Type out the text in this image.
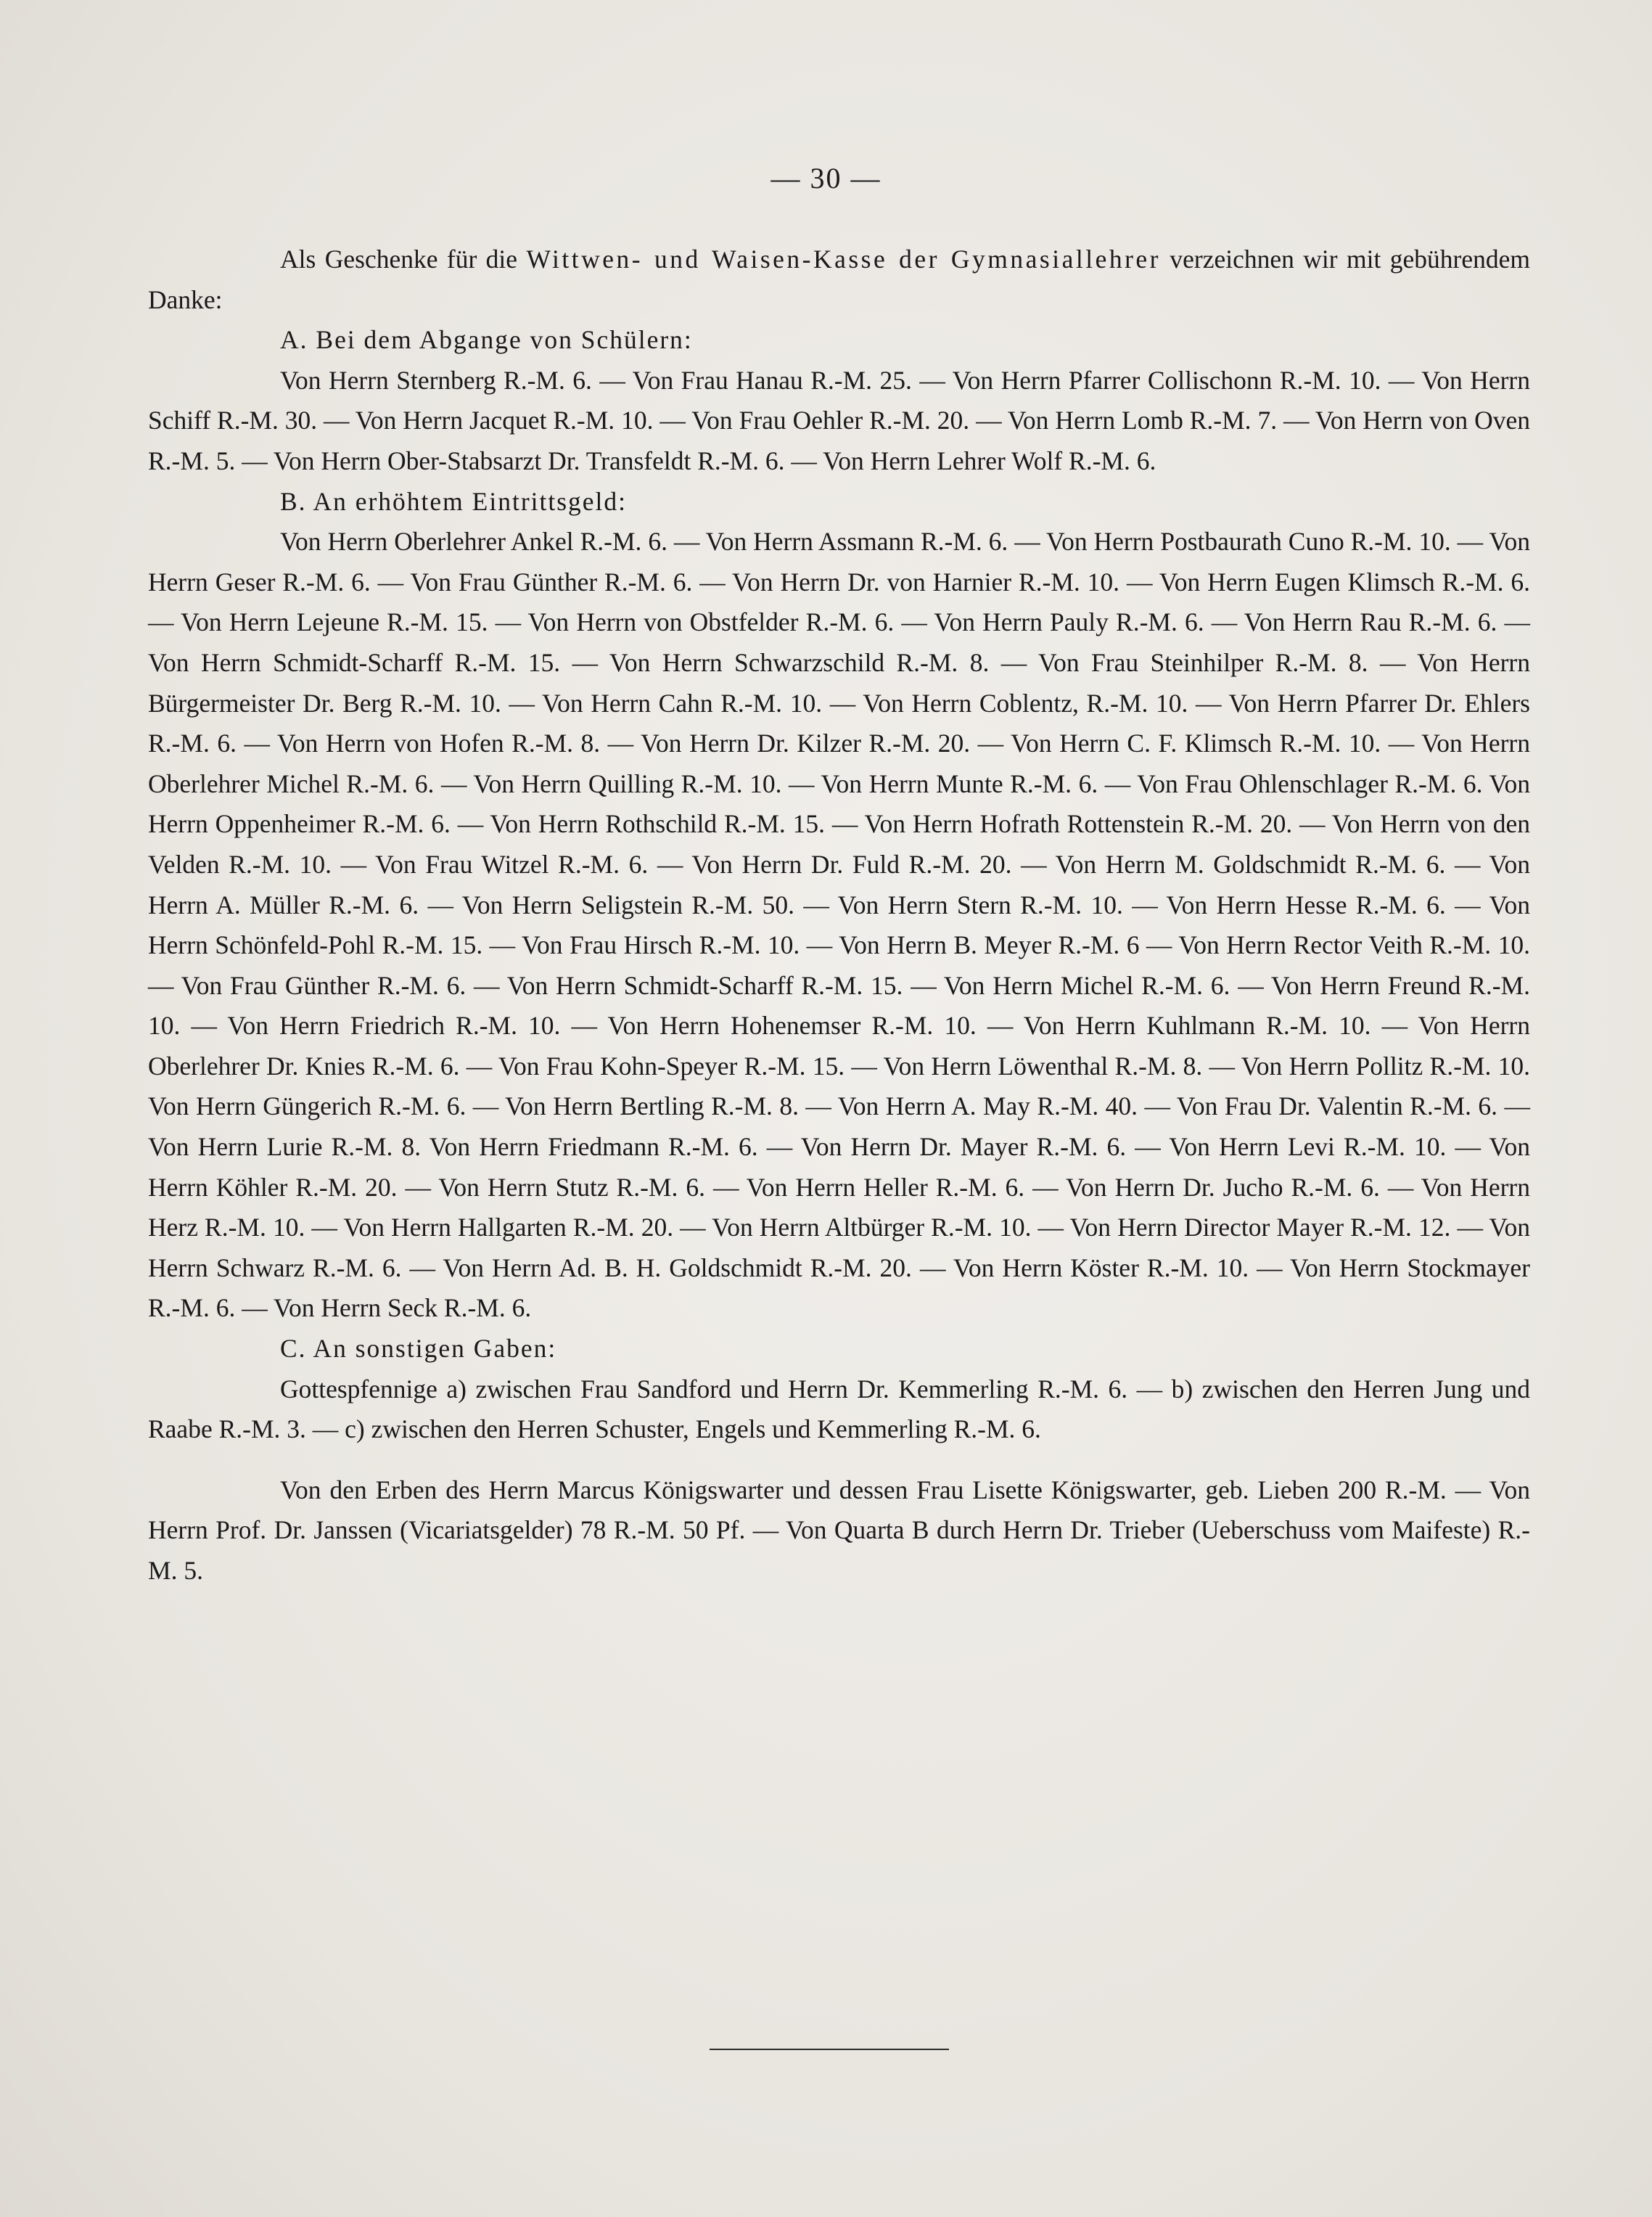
— 30 —

Als Geschenke für die Wittwen- und Waisen-Kasse der Gymnasiallehrer verzeichnen wir mit gebührendem Danke:

A. Bei dem Abgange von Schülern:

Von Herrn Sternberg R.-M. 6. — Von Frau Hanau R.-M. 25. — Von Herrn Pfarrer Collischonn R.-M. 10. — Von Herrn Schiff R.-M. 30. — Von Herrn Jacquet R.-M. 10. — Von Frau Oehler R.-M. 20. — Von Herrn Lomb R.-M. 7. — Von Herrn von Oven R.-M. 5. — Von Herrn Ober-Stabsarzt Dr. Transfeldt R.-M. 6. — Von Herrn Lehrer Wolf R.-M. 6.

B. An erhöhtem Eintrittsgeld:

Von Herrn Oberlehrer Ankel R.-M. 6. — Von Herrn Assmann R.-M. 6. — Von Herrn Postbaurath Cuno R.-M. 10. — Von Herrn Geser R.-M. 6. — Von Frau Günther R.-M. 6. — Von Herrn Dr. von Harnier R.-M. 10. — Von Herrn Eugen Klimsch R.-M. 6. — Von Herrn Lejeune R.-M. 15. — Von Herrn von Obstfelder R.-M. 6. — Von Herrn Pauly R.-M. 6. — Von Herrn Rau R.-M. 6. — Von Herrn Schmidt-Scharff R.-M. 15. — Von Herrn Schwarzschild R.-M. 8. — Von Frau Steinhilper R.-M. 8. — Von Herrn Bürgermeister Dr. Berg R.-M. 10. — Von Herrn Cahn R.-M. 10. — Von Herrn Coblentz, R.-M. 10. — Von Herrn Pfarrer Dr. Ehlers R.-M. 6. — Von Herrn von Hofen R.-M. 8. — Von Herrn Dr. Kilzer R.-M. 20. — Von Herrn C. F. Klimsch R.-M. 10. — Von Herrn Oberlehrer Michel R.-M. 6. — Von Herrn Quilling R.-M. 10. — Von Herrn Munte R.-M. 6. — Von Frau Ohlenschlager R.-M. 6. Von Herrn Oppenheimer R.-M. 6. — Von Herrn Rothschild R.-M. 15. — Von Herrn Hofrath Rottenstein R.-M. 20. — Von Herrn von den Velden R.-M. 10. — Von Frau Witzel R.-M. 6. — Von Herrn Dr. Fuld R.-M. 20. — Von Herrn M. Goldschmidt R.-M. 6. — Von Herrn A. Müller R.-M. 6. — Von Herrn Seligstein R.-M. 50. — Von Herrn Stern R.-M. 10. — Von Herrn Hesse R.-M. 6. — Von Herrn Schönfeld-Pohl R.-M. 15. — Von Frau Hirsch R.-M. 10. — Von Herrn B. Meyer R.-M. 6 — Von Herrn Rector Veith R.-M. 10. — Von Frau Günther R.-M. 6. — Von Herrn Schmidt-Scharff R.-M. 15. — Von Herrn Michel R.-M. 6. — Von Herrn Freund R.-M. 10. — Von Herrn Friedrich R.-M. 10. — Von Herrn Hohenemser R.-M. 10. — Von Herrn Kuhlmann R.-M. 10. — Von Herrn Oberlehrer Dr. Knies R.-M. 6. — Von Frau Kohn-Speyer R.-M. 15. — Von Herrn Löwenthal R.-M. 8. — Von Herrn Pollitz R.-M. 10. Von Herrn Güngerich R.-M. 6. — Von Herrn Bertling R.-M. 8. — Von Herrn A. May R.-M. 40. — Von Frau Dr. Valentin R.-M. 6. — Von Herrn Lurie R.-M. 8. Von Herrn Friedmann R.-M. 6. — Von Herrn Dr. Mayer R.-M. 6. — Von Herrn Levi R.-M. 10. — Von Herrn Köhler R.-M. 20. — Von Herrn Stutz R.-M. 6. — Von Herrn Heller R.-M. 6. — Von Herrn Dr. Jucho R.-M. 6. — Von Herrn Herz R.-M. 10. — Von Herrn Hallgarten R.-M. 20. — Von Herrn Altbürger R.-M. 10. — Von Herrn Director Mayer R.-M. 12. — Von Herrn Schwarz R.-M. 6. — Von Herrn Ad. B. H. Goldschmidt R.-M. 20. — Von Herrn Köster R.-M. 10. — Von Herrn Stockmayer R.-M. 6. — Von Herrn Seck R.-M. 6.

C. An sonstigen Gaben:

Gottespfennige a) zwischen Frau Sandford und Herrn Dr. Kemmerling R.-M. 6. — b) zwischen den Herren Jung und Raabe R.-M. 3. — c) zwischen den Herren Schuster, Engels und Kemmerling R.-M. 6.

Von den Erben des Herrn Marcus Königswarter und dessen Frau Lisette Königswarter, geb. Lieben 200 R.-M. — Von Herrn Prof. Dr. Janssen (Vicariatsgelder) 78 R.-M. 50 Pf. — Von Quarta B durch Herrn Dr. Trieber (Ueberschuss vom Maifeste) R.-M. 5.
